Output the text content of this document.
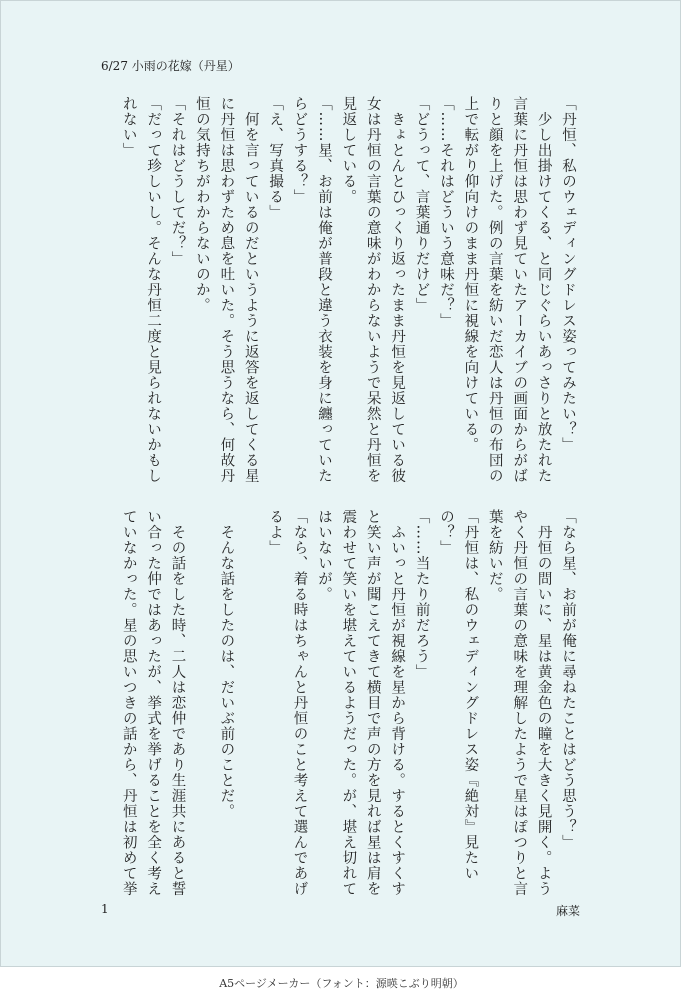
6/27 小雨の花嫁（丹星）

「丹恒、私のウェディングドレス姿ってみたい？」

　少し出掛けてくる、と同じぐらいあっさりと放たれた

言葉に丹恒は思わず見ていたアーカイブの画面からがば

りと顔を上げた。例の言葉を紡いだ恋人は丹恒の布団の

上で転がり仰向けのまま丹恒に視線を向けている。

「……それはどういう意味だ？」

「どうって、言葉通りだけど」

　きょとんとひっくり返ったまま丹恒を見返している彼

女は丹恒の言葉の意味がわからないようで呆然と丹恒を

見返している。

「……星、お前は俺が普段と違う衣装を身に纏っていた

らどうする？」

「え、写真撮る」

　何を言っているのだというように返答を返してくる星

に丹恒は思わずため息を吐いた。そう思うなら、何故丹

恒の気持ちがわからないのか。

「それはどうしてだ？」

「だって珍しいし。そんな丹恒二度と見られないかもし

れない」

「なら星、お前が俺に尋ねたことはどう思う？」

　丹恒の問いに、星は黄金色の瞳を大きく見開く。よう

やく丹恒の言葉の意味を理解したようで星はぽつりと言

葉を紡いだ。

「丹恒は、私のウェディングドレス姿『絶対』見たい

の？」

「……当たり前だろう」

　ふいっと丹恒が視線を星から背ける。するとくすくす

と笑い声が聞こえてきて横目で声の方を見れば星は肩を

震わせて笑いを堪えているようだった。が、堪え切れて

はいないが。

「なら、着る時はちゃんと丹恒のこと考えて選んであげ

るよ」

　そんな話をしたのは、だいぶ前のことだ。

　その話をした時、二人は恋仲であり生涯共にあると誓

い合った仲ではあったが、挙式を挙げることを全く考え

ていなかった。星の思いつきの話から、丹恒は初めて挙

1	麻菜
A5ページメーカー（フォント：源暎こぶり明朝）
